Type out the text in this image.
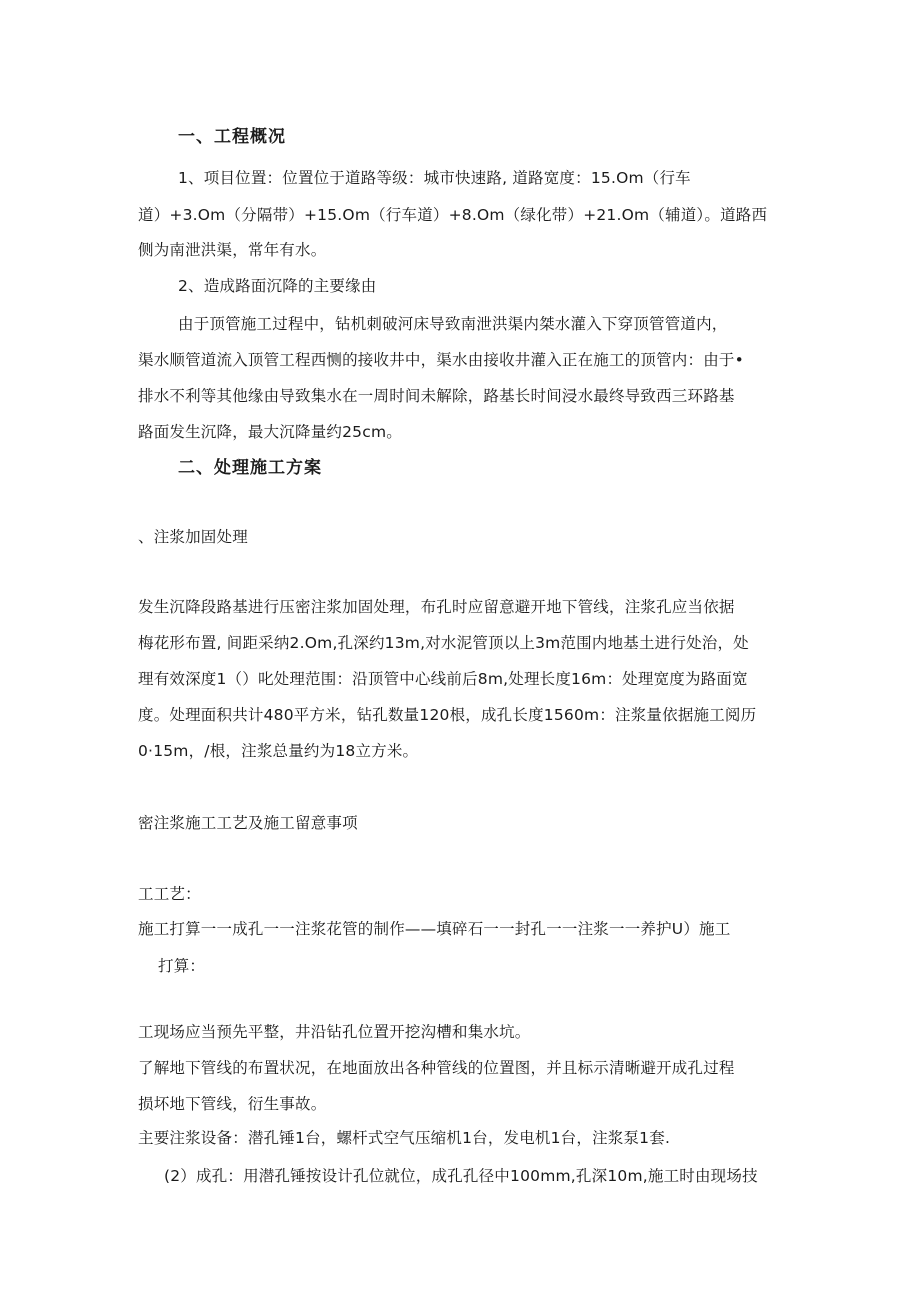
一、工程概况
1、项目位置：位置位于道路等级：城市快速路, 道路宽度：15.Om（行车
道）+3.Om（分隔带）+15.Om（行车道）+8.Om（绿化带）+21.Om（辅道）。道路西
侧为南泄洪渠，常年有水。
2、造成路面沉降的主要缘由
由于顶管施工过程中，钻机刺破河床导致南泄洪渠内桀水灌入下穿顶管管道内，
渠水顺管道流入顶管工程西恻的接收井中，渠水由接收井灌入正在施工的顶管内：由于•
排水不利等其他缘由导致集水在一周时间未解除，路基长时间浸水最终导致西三环路基
路面发生沉降，最大沉降量约25cm。
二、处理施工方案
、注浆加固处理
发生沉降段路基进行压密注浆加固处理，布孔时应留意避开地下管线，注浆孔应当依据
梅花形布置, 间距采纳2.Om,孔深约13m,对水泥管顶以上3m范围内地基土进行处治，处
理有效深度1（）叱处理范围：沿顶管中心线前后8m,处理长度16m：处理宽度为路面宽
度。处理面积共计480平方米，钻孔数量120根，成孔长度1560m：注浆量依据施工阅历
0·15m，/根，注浆总量约为18立方米。
密注浆施工工艺及施工留意事项
工工艺：
施工打算一一成孔一一注浆花管的制作——填碎石一一封孔一一注浆一一养护U）施工
打算：
工现场应当预先平整，井沿钻孔位置开挖沟槽和集水坑。
了解地下管线的布置状况，在地面放出各种管线的位置图，并且标示清晰避开成孔过程
损坏地下管线，衍生事故。
主要注浆设备：潜孔锤1台，螺杆式空气压缩机1台，发电机1台，注浆泵1套.
(2）成孔：用潜孔锤按设计孔位就位，成孔孔径中100mm,孔深10m,施工时由现场技
